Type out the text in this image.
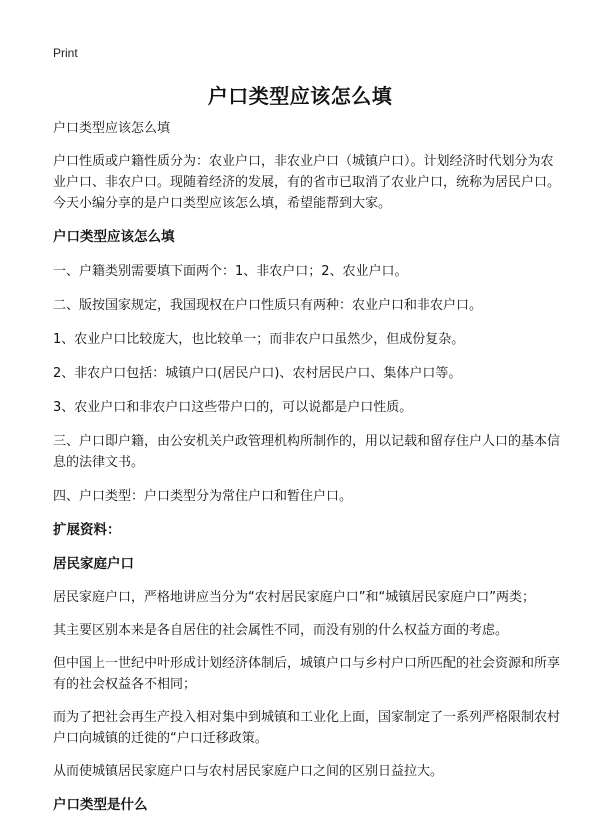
Print
户口类型应该怎么填

户口类型应该怎么填

户口性质或户籍性质分为：农业户口，非农业户口（城镇户口）。计划经济时代划分为农业户口、非农户口。现随着经济的发展，有的省市已取消了农业户口，统称为居民户口。今天小编分享的是户口类型应该怎么填，希望能帮到大家。

户口类型应该怎么填

一、户籍类别需要填下面两个：1、非农户口；2、农业户口。

二、版按国家规定，我国现权在户口性质只有两种：农业户口和非农户口。

1、农业户口比较庞大，也比较单一；而非农户口虽然少，但成份复杂。

2、非农户口包括：城镇户口(居民户口)、农村居民户口、集体户口等。

3、农业户口和非农户口这些带户口的，可以说都是户口性质。

三、户口即户籍，由公安机关户政管理机构所制作的，用以记载和留存住户人口的基本信息的法律文书。

四、户口类型：户口类型分为常住户口和暂住户口。

扩展资料：

居民家庭户口

居民家庭户口，严格地讲应当分为“农村居民家庭户口”和“城镇居民家庭户口”两类；

其主要区别本来是各自居住的社会属性不同，而没有别的什么权益方面的考虑。

但中国上一世纪中叶形成计划经济体制后，城镇户口与乡村户口所匹配的社会资源和所享有的社会权益各不相同；

而为了把社会再生产投入相对集中到城镇和工业化上面，国家制定了一系列严格限制农村户口向城镇的迁徙的“户口迁移政策。

从而使城镇居民家庭户口与农村居民家庭户口之间的区别日益拉大。

户口类型是什么
